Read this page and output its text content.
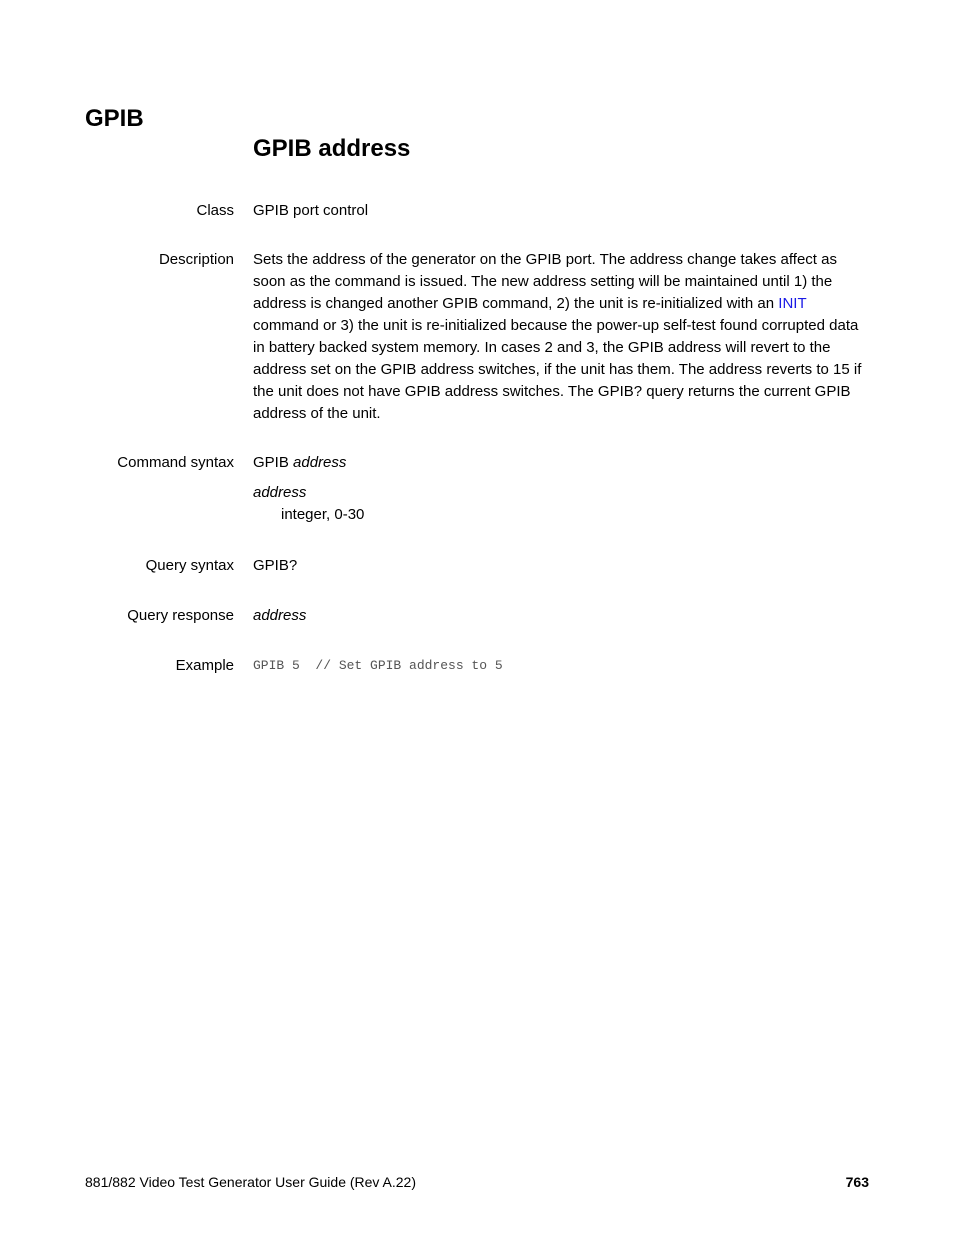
GPIB
GPIB address
Class GPIB port control
Description Sets the address of the generator on the GPIB port. The address change takes affect as soon as the command is issued. The new address setting will be maintained until 1) the address is changed another GPIB command, 2) the unit is re-initialized with an INIT command or 3) the unit is re-initialized because the power-up self-test found corrupted data in battery backed system memory. In cases 2 and 3, the GPIB address will revert to the address set on the GPIB address switches, if the unit has them. The address reverts to 15 if the unit does not have GPIB address switches. The GPIB? query returns the current GPIB address of the unit.
Command syntax GPIB address
address
integer, 0-30
Query syntax GPIB?
Query response address
Example GPIB 5  // Set GPIB address to 5
881/882 Video Test Generator User Guide (Rev A.22)	763
